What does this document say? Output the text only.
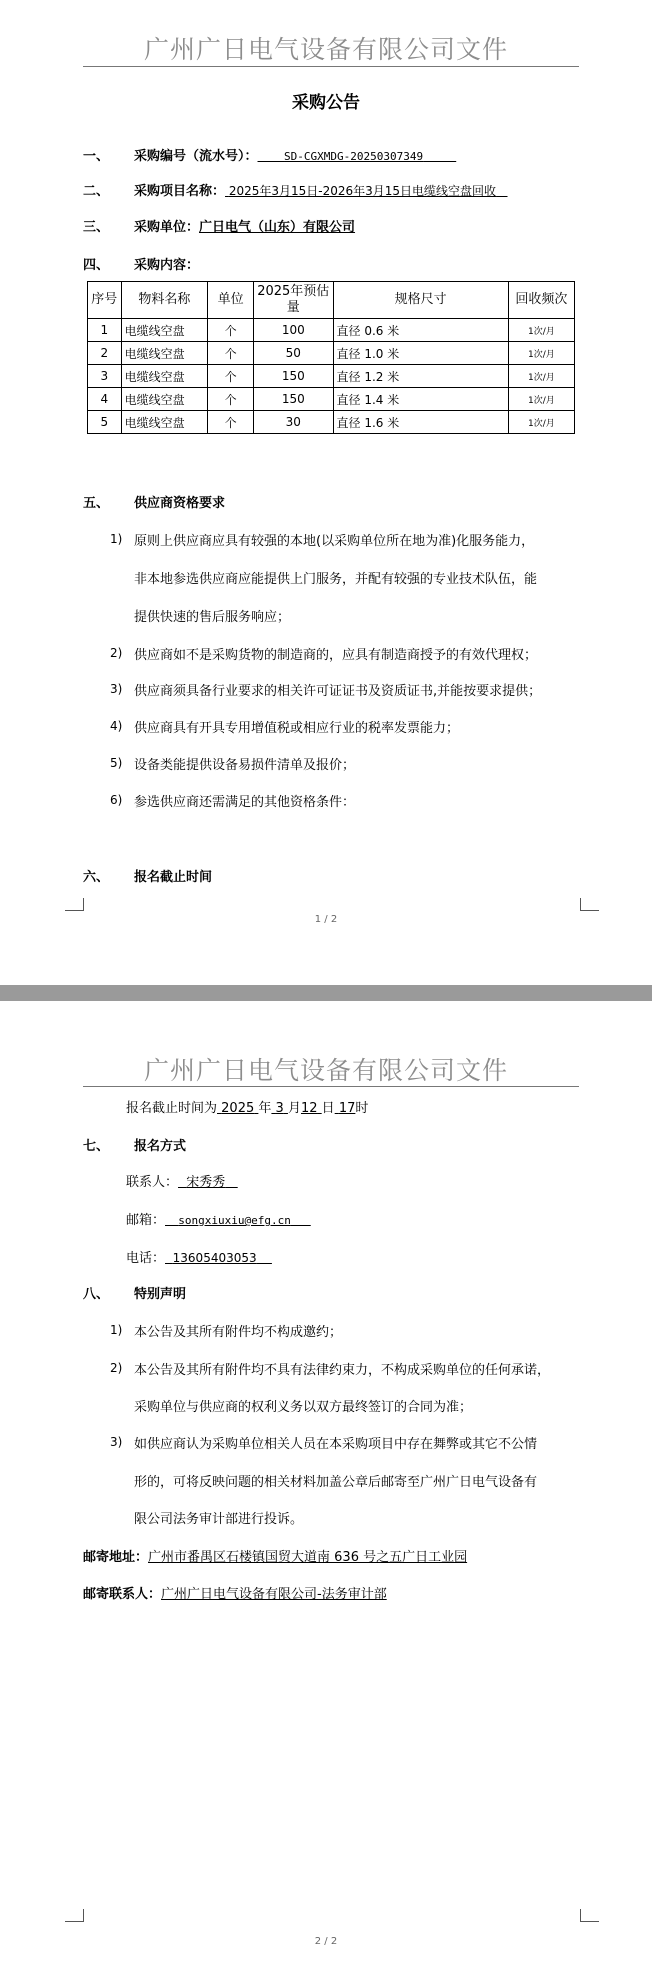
广州广日电气设备有限公司文件
采购公告
一、 采购编号（流水号）： SD-CGXMDG-20250307349
二、 采购项目名称： 2025年3月15日-2026年3月15日电缆线空盘回收
三、 采购单位：广日电气（山东）有限公司
四、 采购内容：
序号	物料名称	单位	2025年预估量	规格尺寸	回收频次
1	电缆线空盘	个	100	直径 0.6 米	1次/月
2	电缆线空盘	个	50	直径 1.0 米	1次/月
3	电缆线空盘	个	150	直径 1.2 米	1次/月
4	电缆线空盘	个	150	直径 1.4 米	1次/月
5	电缆线空盘	个	30	直径 1.6 米	1次/月
五、 供应商资格要求
1) 原则上供应商应具有较强的本地(以采购单位所在地为准)化服务能力，
非本地参选供应商应能提供上门服务，并配有较强的专业技术队伍，能
提供快速的售后服务响应；
2) 供应商如不是采购货物的制造商的，应具有制造商授予的有效代理权；
3) 供应商须具备行业要求的相关许可证证书及资质证书,并能按要求提供；
4) 供应商具有开具专用增值税或相应行业的税率发票能力；
5) 设备类能提供设备易损件清单及报价；
6) 参选供应商还需满足的其他资格条件：
六、 报名截止时间
1 / 2
广州广日电气设备有限公司文件
报名截止时间为 2025 年 3 月12 日 17时
七、 报名方式
联系人： 宋秀秀
邮箱： songxiuxiu@efg.cn
电话： 13605403053
八、 特别声明
1) 本公告及其所有附件均不构成邀约；
2) 本公告及其所有附件均不具有法律约束力，不构成采购单位的任何承诺，
采购单位与供应商的权利义务以双方最终签订的合同为准；
3) 如供应商认为采购单位相关人员在本采购项目中存在舞弊或其它不公情
形的，可将反映问题的相关材料加盖公章后邮寄至广州广日电气设备有
限公司法务审计部进行投诉。
邮寄地址：广州市番禺区石楼镇国贸大道南 636 号之五广日工业园
邮寄联系人：广州广日电气设备有限公司-法务审计部
2 / 2
